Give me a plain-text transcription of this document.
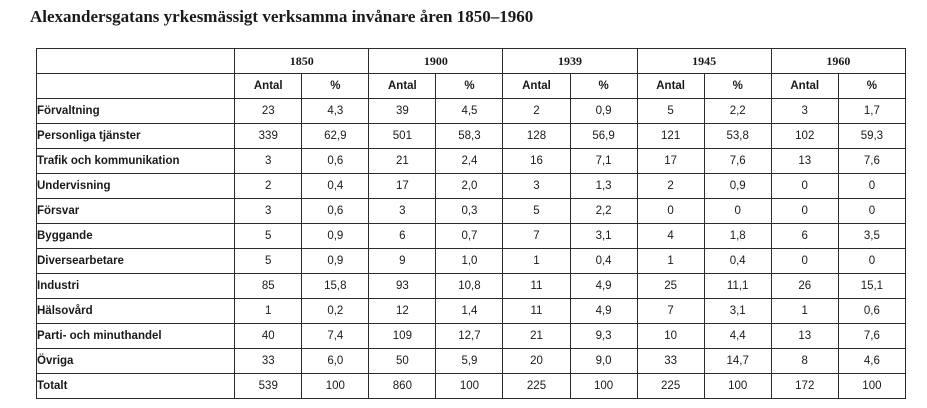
Alexandersgatans yrkesmässigt verksamma invånare åren 1850–1960
	1850		1900		1939		1945		1960	
	Antal	%	Antal	%	Antal	%	Antal	%	Antal	%
Förvaltning	23	4,3	39	4,5	2	0,9	5	2,2	3	1,7
Personliga tjänster	339	62,9	501	58,3	128	56,9	121	53,8	102	59,3
Trafik och kommunikation	3	0,6	21	2,4	16	7,1	17	7,6	13	7,6
Undervisning	2	0,4	17	2,0	3	1,3	2	0,9	0	0
Försvar	3	0,6	3	0,3	5	2,2	0	0	0	0
Byggande	5	0,9	6	0,7	7	3,1	4	1,8	6	3,5
Diversearbetare	5	0,9	9	1,0	1	0,4	1	0,4	0	0
Industri	85	15,8	93	10,8	11	4,9	25	11,1	26	15,1
Hälsovård	1	0,2	12	1,4	11	4,9	7	3,1	1	0,6
Parti- och minuthandel	40	7,4	109	12,7	21	9,3	10	4,4	13	7,6
Övriga	33	6,0	50	5,9	20	9,0	33	14,7	8	4,6
Totalt	539	100	860	100	225	100	225	100	172	100
